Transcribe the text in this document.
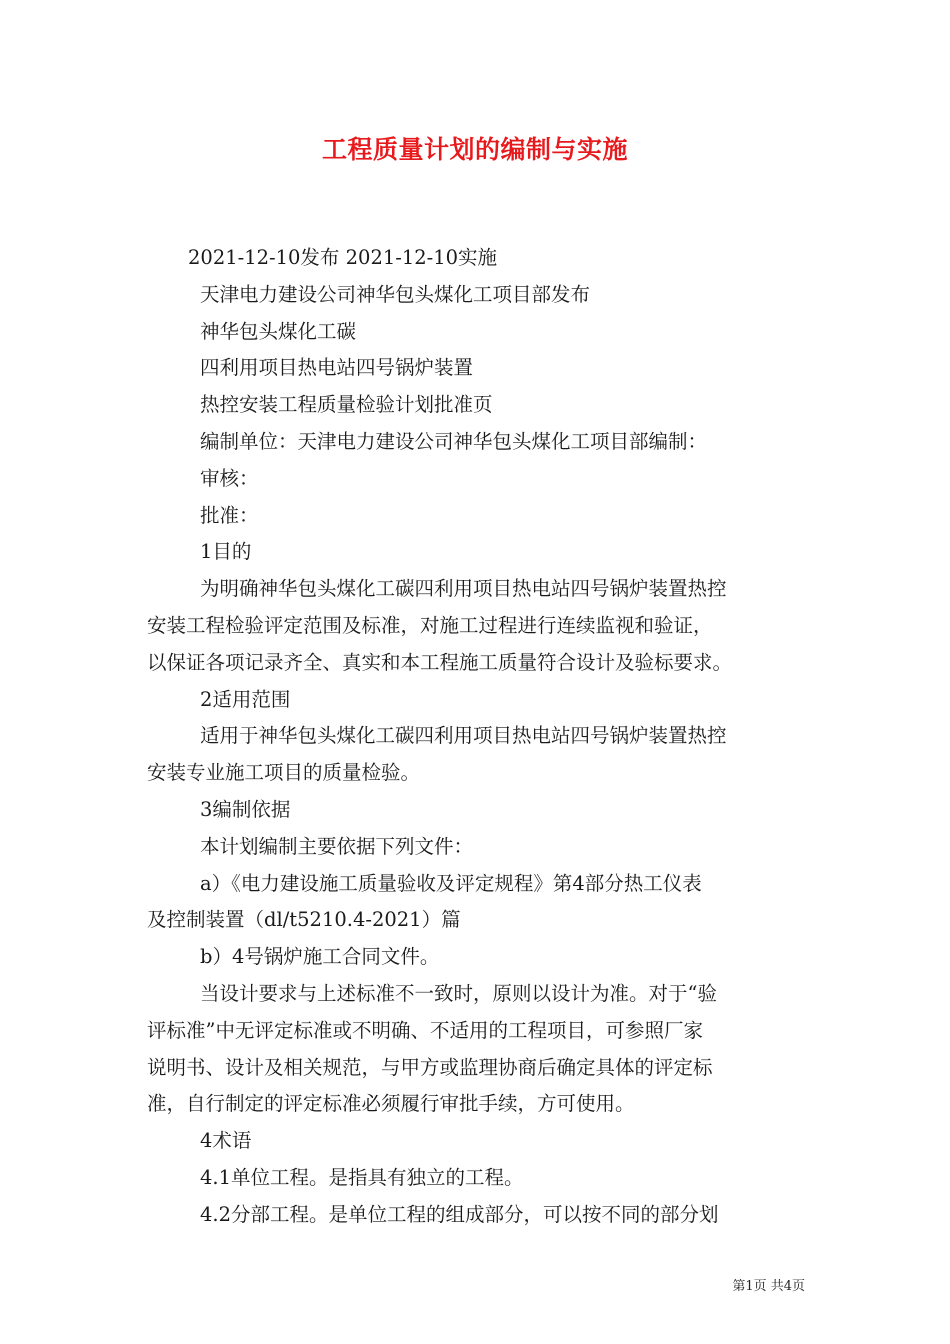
工程质量计划的编制与实施
2021-12-10发布 2021-12-10实施
天津电力建设公司神华包头煤化工项目部发布
神华包头煤化工碳
四利用项目热电站四号锅炉装置
热控安装工程质量检验计划批准页
编制单位：天津电力建设公司神华包头煤化工项目部编制：
审核：
批准：
1目的
为明确神华包头煤化工碳四利用项目热电站四号锅炉装置热控
安装工程检验评定范围及标准，对施工过程进行连续监视和验证，
以保证各项记录齐全、真实和本工程施工质量符合设计及验标要求。
2适用范围
适用于神华包头煤化工碳四利用项目热电站四号锅炉装置热控
安装专业施工项目的质量检验。
3编制依据
本计划编制主要依据下列文件：
a）《电力建设施工质量验收及评定规程》第4部分热工仪表
及控制装置（dl/t5210.4-2021）篇
b）4号锅炉施工合同文件。
当设计要求与上述标准不一致时，原则以设计为准。对于“验
评标准”中无评定标准或不明确、不适用的工程项目，可参照厂家
说明书、设计及相关规范，与甲方或监理协商后确定具体的评定标
准，自行制定的评定标准必须履行审批手续，方可使用。
4术语
4.1单位工程。是指具有独立的工程。
4.2分部工程。是单位工程的组成部分，可以按不同的部分划
第1页 共4页
